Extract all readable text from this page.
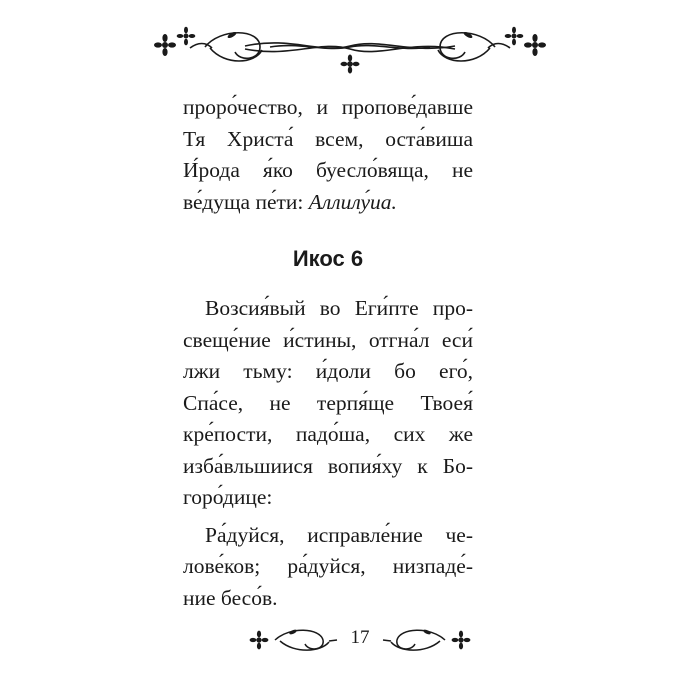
проро́чество, и пропове́давше
Тя Христа́ всем, оста́виша
И́рода я́ко буесло́вяща, не
ве́дуща пе́ти: Аллилу́иа.
Икос 6
Возсия́вый во Еги́пте про-
свеще́ние и́стины, отгна́л еси́
лжи тьму: и́доли бо его́,
Спа́се, не терпя́ще Твоея́
кре́пости, падо́ша, сих же
изба́вльшиися вопия́ху к Бо-
горо́дице:
Ра́дуйся, исправле́ние че-
лове́ков; ра́дуйся, низпаде́-
ние бесо́в.
17
